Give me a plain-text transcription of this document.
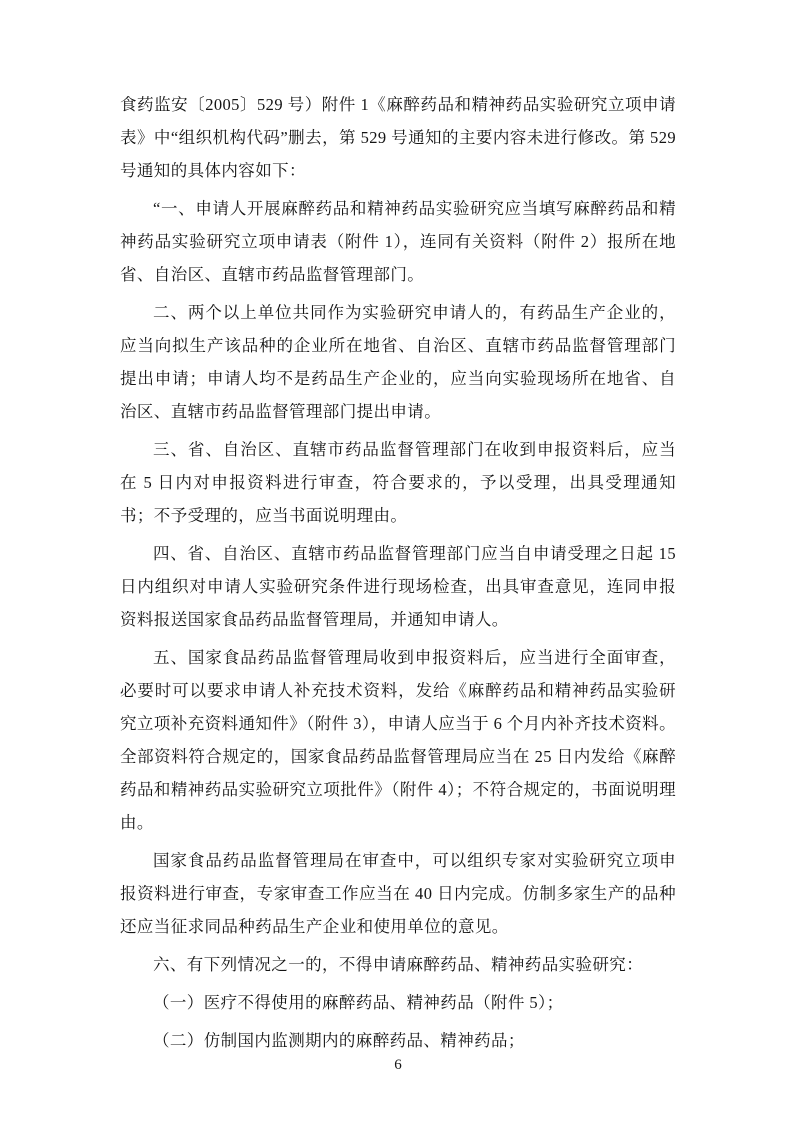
食药监安〔2005〕529 号）附件 1《麻醉药品和精神药品实验研究立项申请表》中“组织机构代码”删去，第 529 号通知的主要内容未进行修改。第 529 号通知的具体内容如下：

“一、申请人开展麻醉药品和精神药品实验研究应当填写麻醉药品和精神药品实验研究立项申请表（附件 1），连同有关资料（附件 2）报所在地省、自治区、直辖市药品监督管理部门。

二、两个以上单位共同作为实验研究申请人的，有药品生产企业的，应当向拟生产该品种的企业所在地省、自治区、直辖市药品监督管理部门提出申请；申请人均不是药品生产企业的，应当向实验现场所在地省、自治区、直辖市药品监督管理部门提出申请。

三、省、自治区、直辖市药品监督管理部门在收到申报资料后，应当在 5 日内对申报资料进行审查，符合要求的，予以受理，出具受理通知书；不予受理的，应当书面说明理由。

四、省、自治区、直辖市药品监督管理部门应当自申请受理之日起 15 日内组织对申请人实验研究条件进行现场检查，出具审查意见，连同申报资料报送国家食品药品监督管理局，并通知申请人。

五、国家食品药品监督管理局收到申报资料后，应当进行全面审查，必要时可以要求申请人补充技术资料，发给《麻醉药品和精神药品实验研究立项补充资料通知件》（附件 3），申请人应当于 6 个月内补齐技术资料。全部资料符合规定的，国家食品药品监督管理局应当在 25 日内发给《麻醉药品和精神药品实验研究立项批件》（附件 4）；不符合规定的，书面说明理由。

国家食品药品监督管理局在审查中，可以组织专家对实验研究立项申报资料进行审查，专家审查工作应当在 40 日内完成。仿制多家生产的品种还应当征求同品种药品生产企业和使用单位的意见。

六、有下列情况之一的，不得申请麻醉药品、精神药品实验研究：

（一）医疗不得使用的麻醉药品、精神药品（附件 5）；

（二）仿制国内监测期内的麻醉药品、精神药品；

6
